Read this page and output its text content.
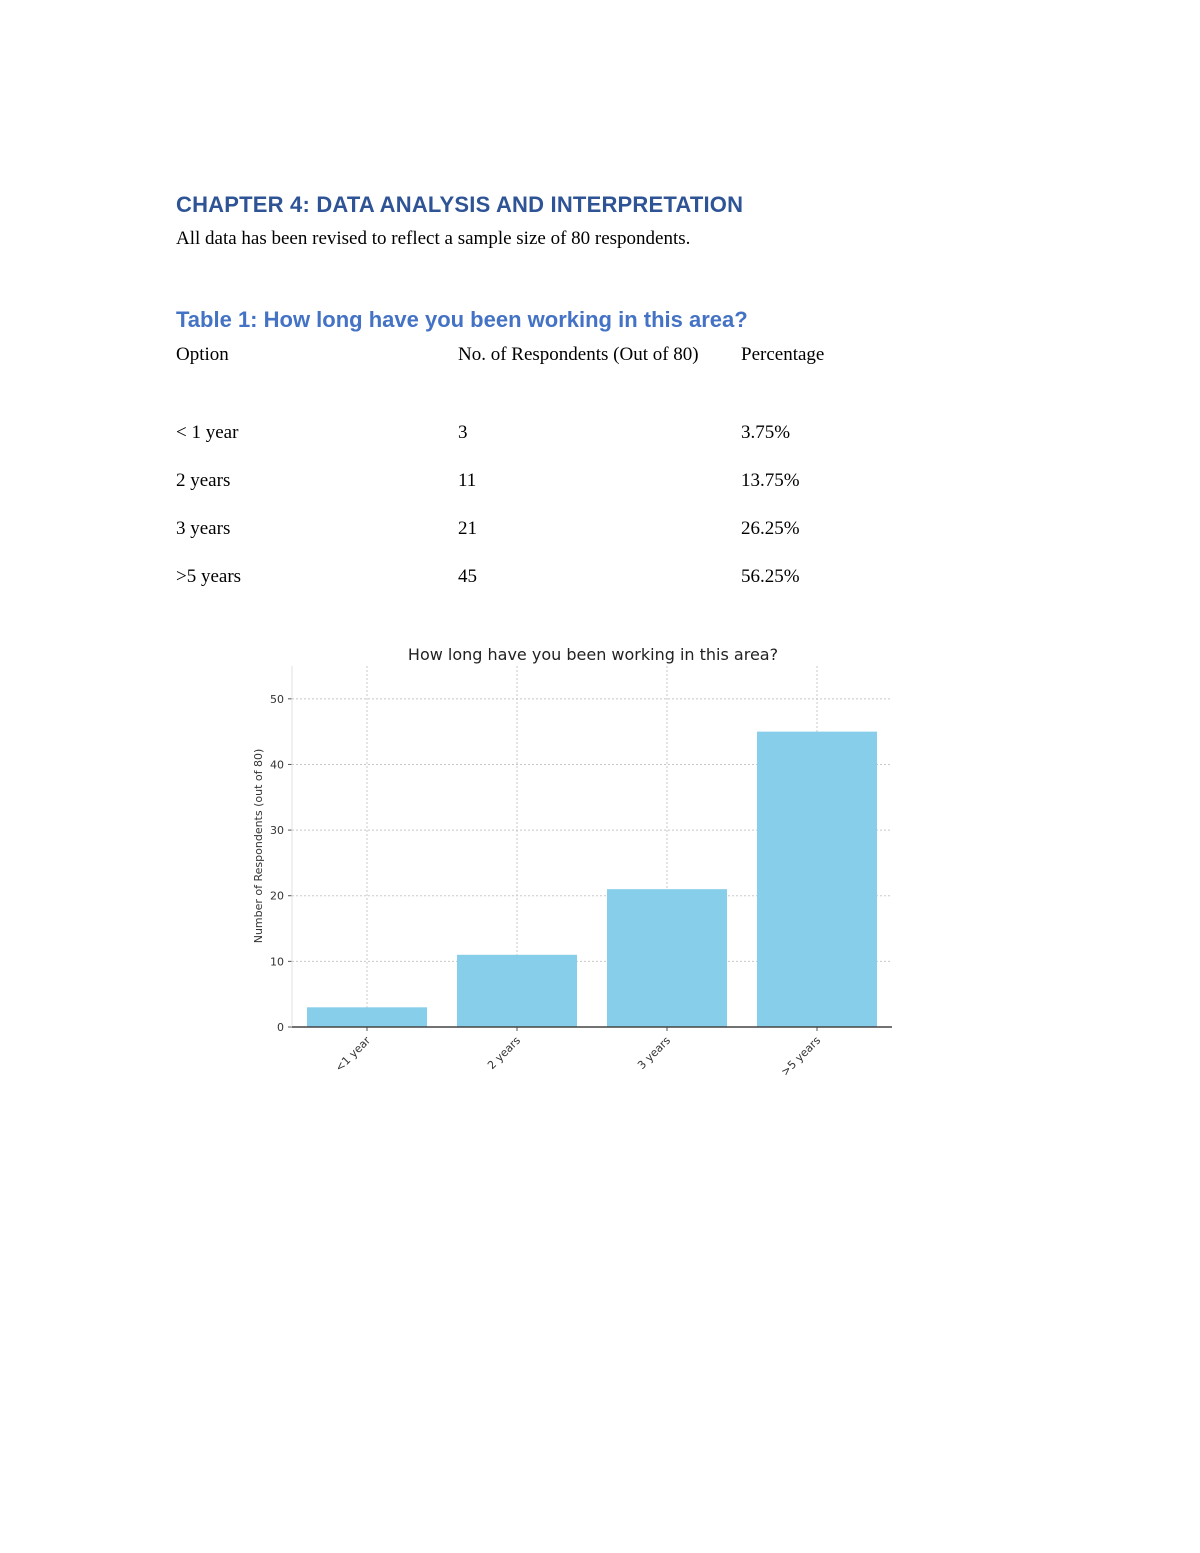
CHAPTER 4: DATA ANALYSIS AND INTERPRETATION

All data has been revised to reflect a sample size of 80 respondents.

Table 1: How long have you been working in this area?
Option	No. of Respondents (Out of 80)	Percentage
< 1 year	3	3.75%
2 years	11	13.75%
3 years	21	26.25%
>5 years	45	56.25%
How long have you been working in this area?
0
10
20
30
40
50
<1 year	2 years	3 years	>5 years
Number of Respondents (out of 80)
